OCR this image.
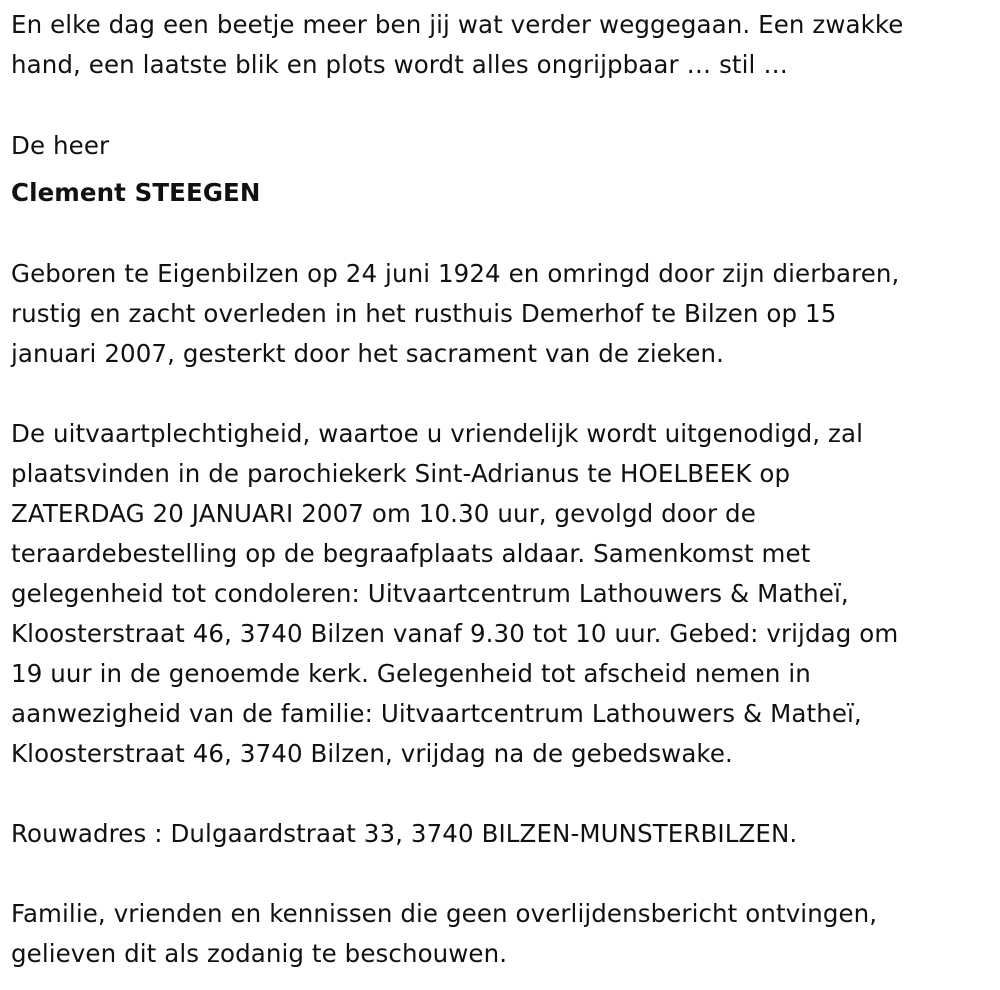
En elke dag een beetje meer ben jij wat verder weggegaan. Een zwakke
hand, een laatste blik en plots wordt alles ongrijpbaar … stil …
De heer
Clement STEEGEN
Geboren te Eigenbilzen op 24 juni 1924 en omringd door zijn dierbaren,
rustig en zacht overleden in het rusthuis Demerhof te Bilzen op 15
januari 2007, gesterkt door het sacrament van de zieken.
De uitvaartplechtigheid, waartoe u vriendelijk wordt uitgenodigd, zal
plaatsvinden in de parochiekerk Sint-Adrianus te HOELBEEK op
ZATERDAG 20 JANUARI 2007 om 10.30 uur, gevolgd door de
teraardebestelling op de begraafplaats aldaar. Samenkomst met
gelegenheid tot condoleren: Uitvaartcentrum Lathouwers & Matheï,
Kloosterstraat 46, 3740 Bilzen vanaf 9.30 tot 10 uur. Gebed: vrijdag om
19 uur in de genoemde kerk. Gelegenheid tot afscheid nemen in
aanwezigheid van de familie: Uitvaartcentrum Lathouwers & Matheï,
Kloosterstraat 46, 3740 Bilzen, vrijdag na de gebedswake.
Rouwadres : Dulgaardstraat 33, 3740 BILZEN-MUNSTERBILZEN.
Familie, vrienden en kennissen die geen overlijdensbericht ontvingen,
gelieven dit als zodanig te beschouwen.
